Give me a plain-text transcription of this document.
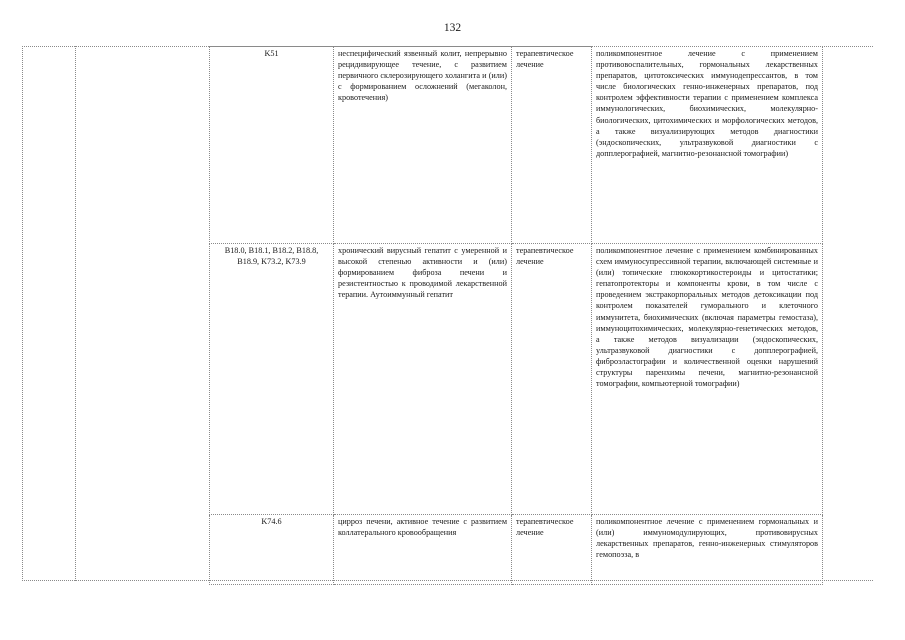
132
K51	неспецифический язвенный колит, непрерывно рецидивирующее течение, с развитием первичного склерозирующего холангита и (или) с формированием осложнений (мегаколон, кровотечения)	терапевтическое лечение	поликомпонентное лечение с применением противовоспалительных, гормональных лекарственных препаратов, цитотоксических иммунодепрессантов, в том числе биологических генно-инженерных препаратов, под контролем эффективности терапии с применением комплекса иммунологических, биохимических, молекулярно-биологических, цитохимических и морфологических методов, а также визуализирующих методов диагностики (эндоскопических, ультразвуковой диагностики с допплерографией, магнитно-резонансной томографии)
B18.0, B18.1, B18.2, B18.8, B18.9, K73.2, K73.9	хронический вирусный гепатит с умеренной и высокой степенью активности и (или) формированием фиброза печени и резистентностью к проводимой лекарственной терапии. Аутоиммунный гепатит	терапевтическое лечение	поликомпонентное лечение с применением комбинированных схем иммуносупрессивной терапии, включающей системные и (или) топические глюкокортикостероиды и цитостатики; гепатопротекторы и компоненты крови, в том числе с проведением экстракорпоральных методов детоксикации под контролем показателей гуморального и клеточного иммунитета, биохимических (включая параметры гемостаза), иммуноцитохимических, молекулярно-генетических методов, а также методов визуализации (эндоскопических, ультразвуковой диагностики с допплерографией, фиброэластографии и количественной оценки нарушений структуры паренхимы печени, магнитно-резонансной томографии, компьютерной томографии)

K74.6	цирроз печени, активное течение с развитием коллатерального кровообращения	терапевтическое лечение	поликомпонентное лечение с применением гормональных и (или) иммуномодулирующих, противовирусных лекарственных препаратов, генно-инженерных стимуляторов гемопоэза, в
